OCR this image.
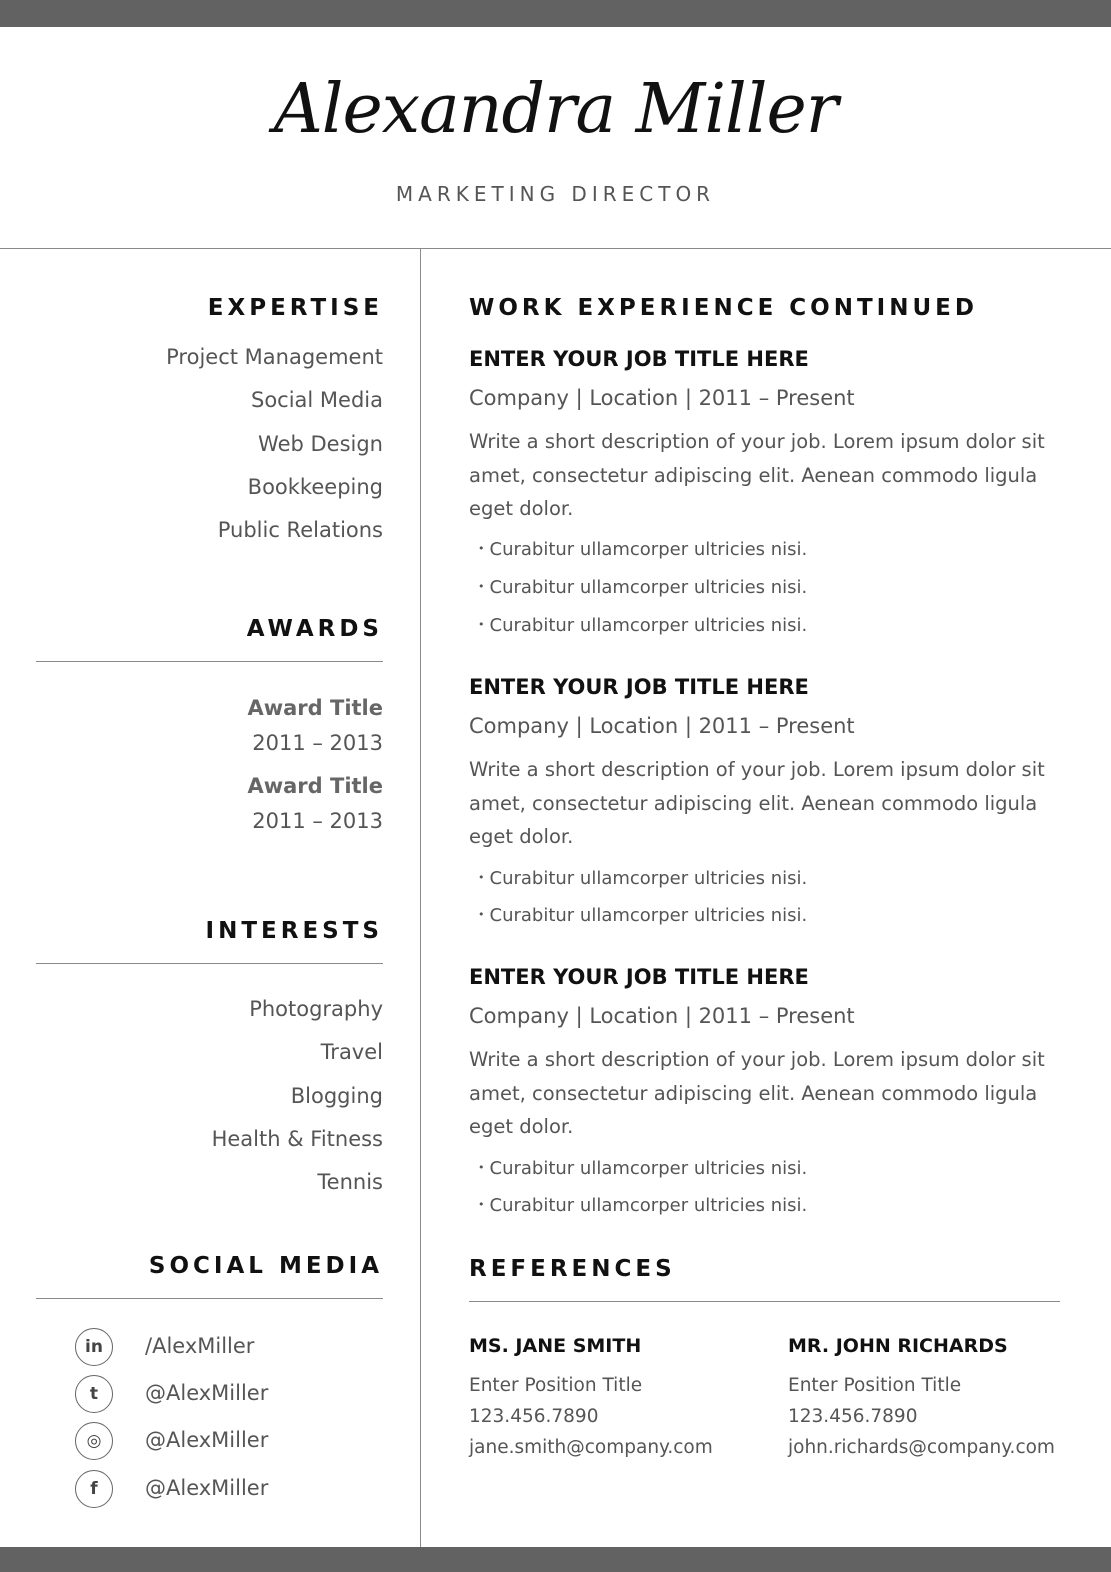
Alexandra Miller
MARKETING DIRECTOR
EXPERTISE
Project Management
Social Media
Web Design
Bookkeeping
Public Relations
AWARDS
Award Title
2011 – 2013
Award Title
2011 – 2013
INTERESTS
Photography
Travel
Blogging
Health & Fitness
Tennis
SOCIAL MEDIA
in	/AlexMiller
t	@AlexMiller
◎	@AlexMiller
f	@AlexMiller
WORK EXPERIENCE CONTINUED
ENTER YOUR JOB TITLE HERE
Company | Location | 2011 – Present
Write a short description of your job. Lorem ipsum dolor sit amet, consectetur adipiscing elit. Aenean commodo ligula eget dolor.
• Curabitur ullamcorper ultricies nisi.
• Curabitur ullamcorper ultricies nisi.
• Curabitur ullamcorper ultricies nisi.
ENTER YOUR JOB TITLE HERE
Company | Location | 2011 – Present
Write a short description of your job. Lorem ipsum dolor sit amet, consectetur adipiscing elit. Aenean commodo ligula eget dolor.
• Curabitur ullamcorper ultricies nisi.
• Curabitur ullamcorper ultricies nisi.
ENTER YOUR JOB TITLE HERE
Company | Location | 2011 – Present
Write a short description of your job. Lorem ipsum dolor sit amet, consectetur adipiscing elit. Aenean commodo ligula eget dolor.
• Curabitur ullamcorper ultricies nisi.
• Curabitur ullamcorper ultricies nisi.
REFERENCES
MS. JANE SMITH
Enter Position Title
123.456.7890
jane.smith@company.com
MR. JOHN RICHARDS
Enter Position Title
123.456.7890
john.richards@company.com
